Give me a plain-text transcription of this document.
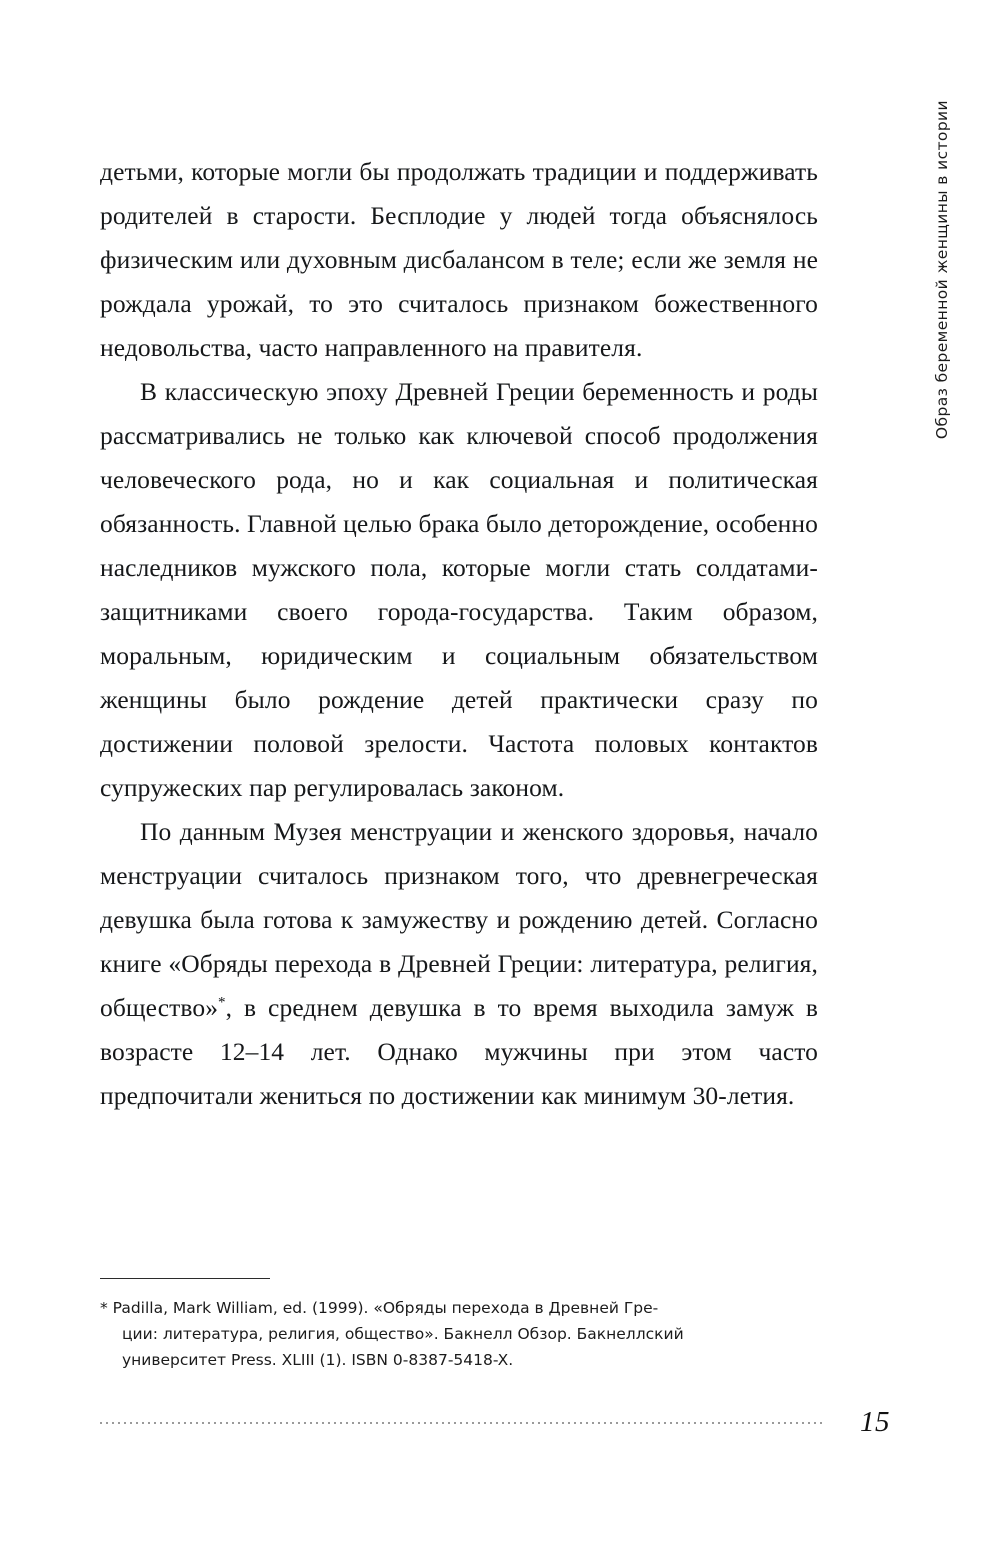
Образ беременной женщины в истории

детьми, которые могли бы продолжать традиции и поддерживать родителей в старости. Бесплодие у людей тогда объяснялось физическим или духовным дисбалансом в теле; если же земля не рождала урожай, то это считалось признаком божественного недовольства, часто направленного на правителя.

В классическую эпоху Древней Греции беременность и роды рассматривались не только как ключевой способ продолжения человеческого рода, но и как социальная и политическая обязанность. Главной целью брака было деторождение, особенно наследников мужского пола, которые могли стать солдатами-защитниками своего города-государства. Таким образом, моральным, юридическим и социальным обязательством женщины было рождение детей практически сразу по достижении половой зрелости. Частота половых контактов супружеских пар регулировалась законом.

По данным Музея менструации и женского здоровья, начало менструации считалось признаком того, что древнегреческая девушка была готова к замужеству и рождению детей. Согласно книге «Обряды перехода в Древней Греции: литература, религия, общество»*, в среднем девушка в то время выходила замуж в возрасте 12–14 лет. Однако мужчины при этом часто предпочитали жениться по достижении как минимум 30-летия.

* Padilla, Mark William, ed. (1999). «Обряды перехода в Древней Гре-
ции: литература, религия, общество». Бакнелл Обзор. Бакнеллский
университет Press. XLIII (1). ISBN 0-8387-5418-X.
15
